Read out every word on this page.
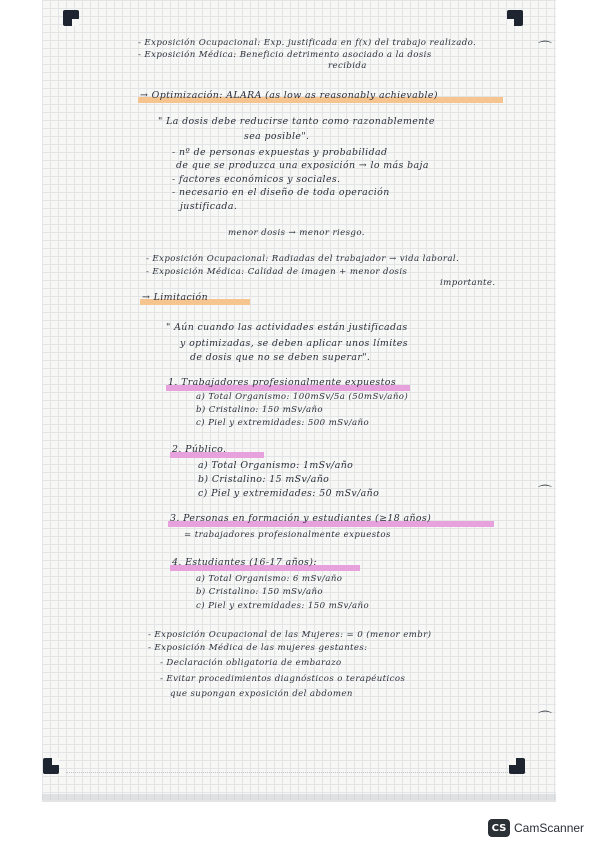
- Exposición Ocupacional: Exp. justificada en f(x) del trabajo realizado.
- Exposición Médica: Beneficio detrimento asociado a la dosis
recibida
→ Optimización: ALARA (as low as reasonably achievable)
" La dosis debe reducirse tanto como razonablemente
sea posible".
- nº de personas expuestas y probabilidad
de que se produzca una exposición → lo más baja
- factores económicos y sociales.
- necesario en el diseño de toda operación
justificada.
menor dosis → menor riesgo.
- Exposición Ocupacional: Radiadas del trabajador → vida laboral.
- Exposición Médica: Calidad de imagen + menor dosis
importante.
→ Limitación
" Aún cuando las actividades están justificadas
y optimizadas, se deben aplicar unos límites
de dosis que no se deben superar".
1. Trabajadores profesionalmente expuestos
a) Total Organismo: 100mSv/5a (50mSv/año)
b) Cristalino: 150 mSv/año
c) Piel y extremidades: 500 mSv/año
2. Público.
a) Total Organismo: 1mSv/año
b) Cristalino: 15 mSv/año
c) Piel y extremidades: 50 mSv/año
3. Personas en formación y estudiantes (≥18 años)
= trabajadores profesionalmente expuestos
4. Estudiantes (16-17 años):
a) Total Organismo: 6 mSv/año
b) Cristalino: 150 mSv/año
c) Piel y extremidades: 150 mSv/año
- Exposición Ocupacional de las Mujeres: = 0 (menor embr)
- Exposición Médica de las mujeres gestantes:
- Declaración obligatoria de embarazo
- Evitar procedimientos diagnósticos o terapéuticos
que supongan exposición del abdomen
⌒
⌒
⌒
CS CamScanner
